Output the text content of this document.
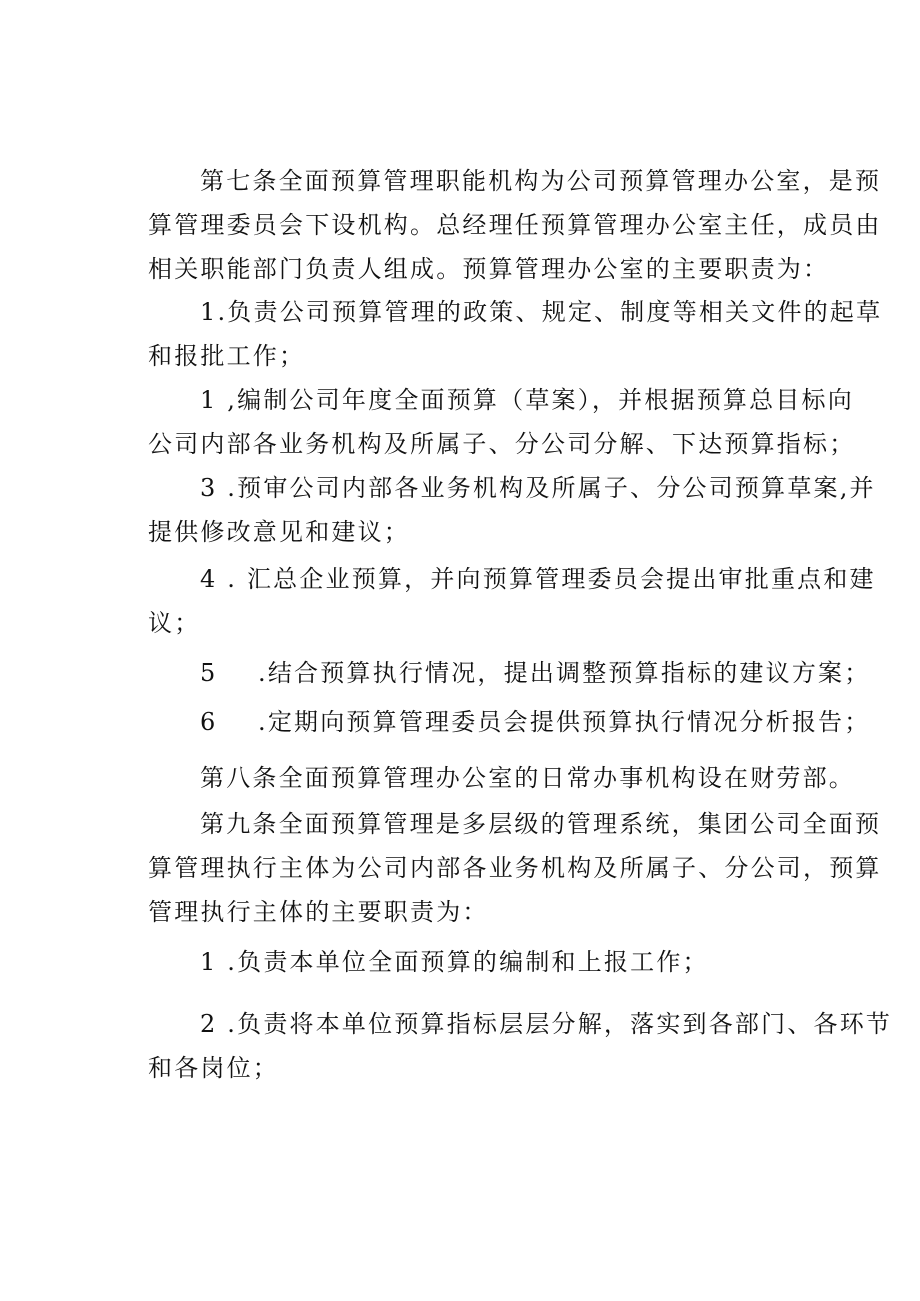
第七条全面预算管理职能机构为公司预算管理办公室，是预
算管理委员会下设机构。总经理任预算管理办公室主任，成员由
相关职能部门负责人组成。预算管理办公室的主要职责为：
1.负责公司预算管理的政策、规定、制度等相关文件的起草
和报批工作；
1 ,编制公司年度全面预算（草案），并根据预算总目标向
公司内部各业务机构及所属子、分公司分解、下达预算指标；
3 .预审公司内部各业务机构及所属子、分公司预算草案,并
提供修改意见和建议；
4 . 汇总企业预算，并向预算管理委员会提出审批重点和建
议；
5 .结合预算执行情况，提出调整预算指标的建议方案；
6 .定期向预算管理委员会提供预算执行情况分析报告；
第八条全面预算管理办公室的日常办事机构设在财劳部。
第九条全面预算管理是多层级的管理系统，集团公司全面预
算管理执行主体为公司内部各业务机构及所属子、分公司，预算
管理执行主体的主要职责为：
1 .负责本单位全面预算的编制和上报工作；
2 .负责将本单位预算指标层层分解，落实到各部门、各环节
和各岗位；
